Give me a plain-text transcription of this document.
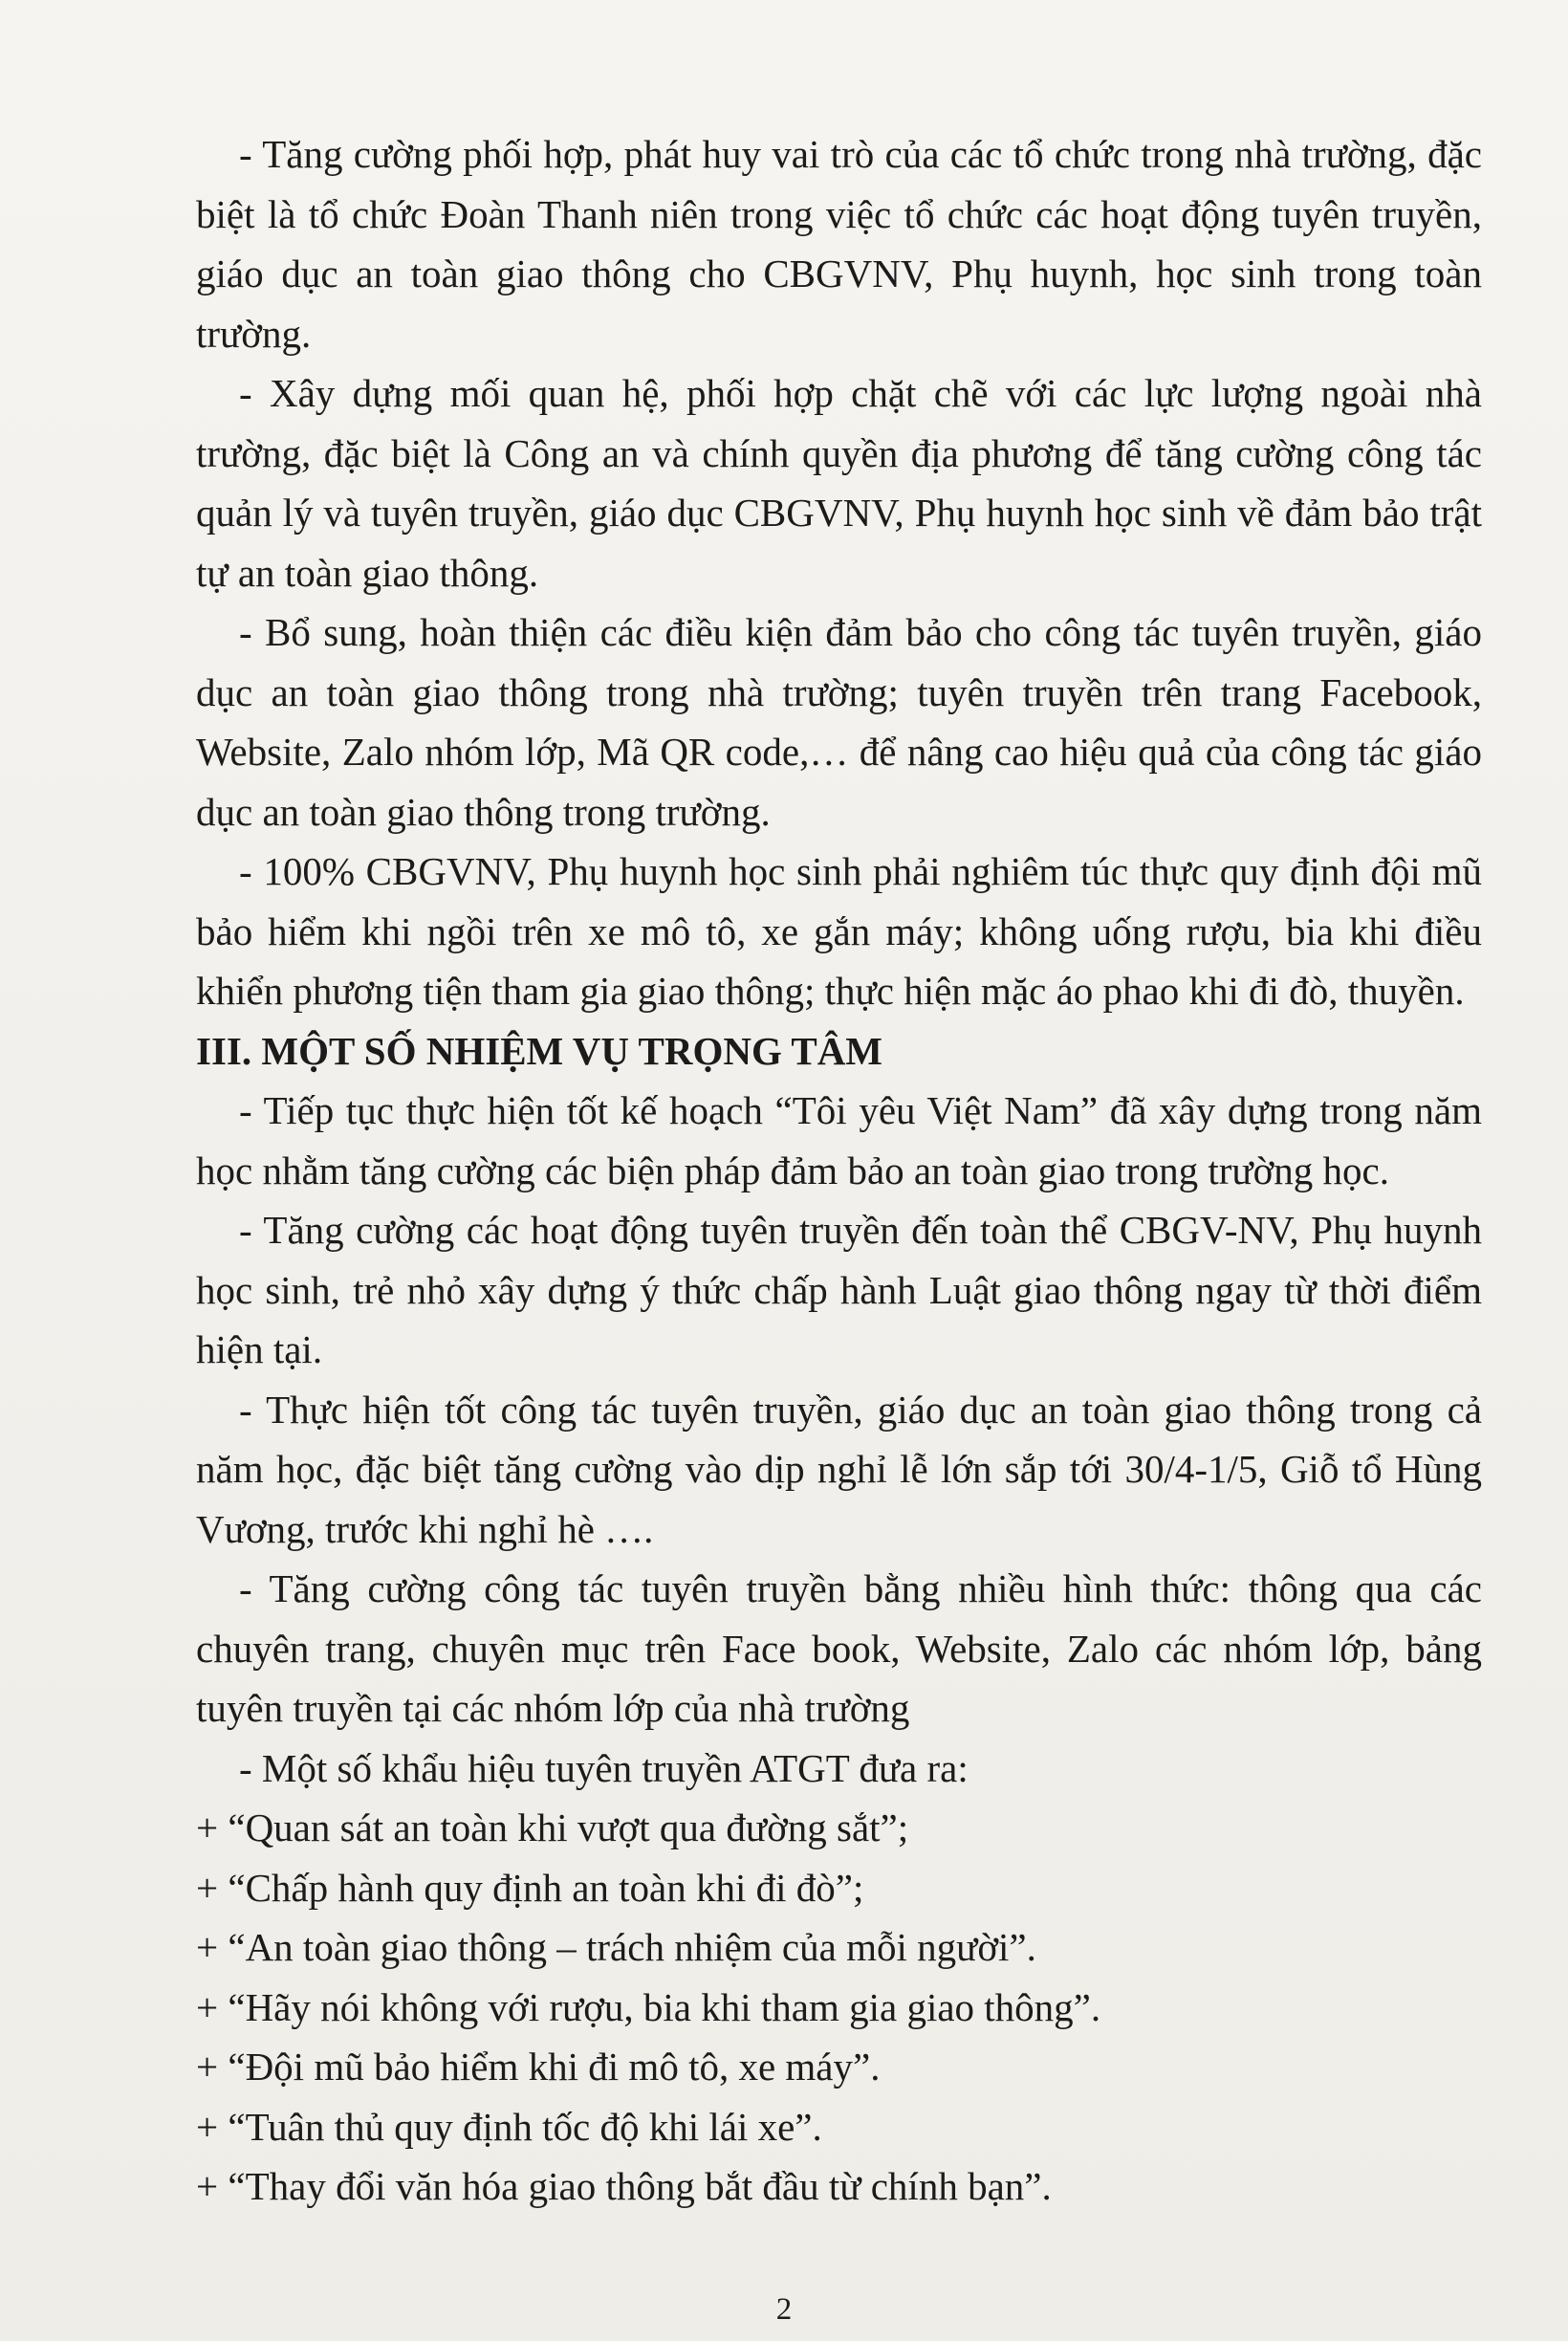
- Tăng cường phối hợp, phát huy vai trò của các tổ chức trong nhà trường, đặc biệt là tổ chức Đoàn Thanh niên trong việc tổ chức các hoạt động tuyên truyền, giáo dục an toàn giao thông cho CBGVNV, Phụ huynh, học sinh trong toàn trường.

- Xây dựng mối quan hệ, phối hợp chặt chẽ với các lực lượng ngoài nhà trường, đặc biệt là Công an và chính quyền địa phương để tăng cường công tác quản lý và tuyên truyền, giáo dục CBGVNV, Phụ huynh học sinh về đảm bảo trật tự an toàn giao thông.

- Bổ sung, hoàn thiện các điều kiện đảm bảo cho công tác tuyên truyền, giáo dục an toàn giao thông trong nhà trường; tuyên truyền trên trang Facebook, Website, Zalo nhóm lớp, Mã QR code,… để nâng cao hiệu quả của công tác giáo dục an toàn giao thông trong trường.

- 100% CBGVNV, Phụ huynh học sinh phải nghiêm túc thực quy định đội mũ bảo hiểm khi ngồi trên xe mô tô, xe gắn máy; không uống rượu, bia khi điều khiển phương tiện tham gia giao thông; thực hiện mặc áo phao khi đi đò, thuyền.

III. MỘT SỐ NHIỆM VỤ TRỌNG TÂM

- Tiếp tục thực hiện tốt kế hoạch “Tôi yêu Việt Nam” đã xây dựng trong năm học nhằm tăng cường các biện pháp đảm bảo an toàn giao trong trường học.

- Tăng cường các hoạt động tuyên truyền đến toàn thể CBGV-NV, Phụ huynh học sinh, trẻ nhỏ xây dựng ý thức chấp hành Luật giao thông ngay từ thời điểm hiện tại.

- Thực hiện tốt công tác tuyên truyền, giáo dục an toàn giao thông trong cả năm học, đặc biệt tăng cường vào dịp nghỉ lễ lớn sắp tới 30/4-1/5, Giỗ tổ Hùng Vương, trước khi nghỉ hè ….

- Tăng cường công tác tuyên truyền bằng nhiều hình thức: thông qua các chuyên trang, chuyên mục trên Face book, Website, Zalo các nhóm lớp, bảng tuyên truyền tại các nhóm lớp của nhà trường

- Một số khẩu hiệu tuyên truyền ATGT đưa ra:

+ “Quan sát an toàn khi vượt qua đường sắt”;

+ “Chấp hành quy định an toàn khi đi đò”;

+ “An toàn giao thông – trách nhiệm của mỗi người”.

+ “Hãy nói không với rượu, bia khi tham gia giao thông”.

+ “Đội mũ bảo hiểm khi đi mô tô, xe máy”.

+ “Tuân thủ quy định tốc độ khi lái xe”.

+ “Thay đổi văn hóa giao thông bắt đầu từ chính bạn”.

2
